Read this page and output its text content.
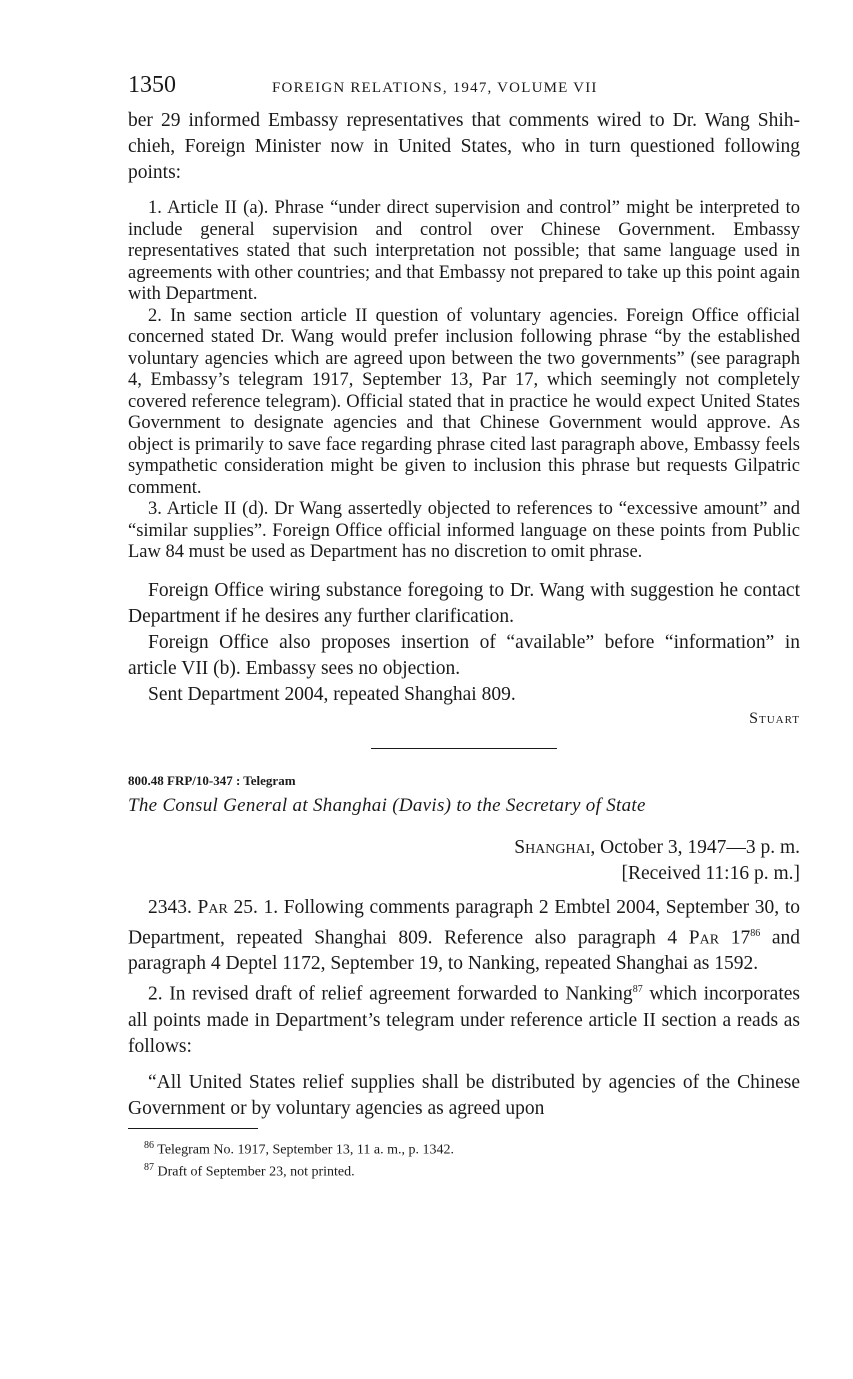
1350	FOREIGN RELATIONS, 1947, VOLUME VII

ber 29 informed Embassy representatives that comments wired to Dr. Wang Shih-chieh, Foreign Minister now in United States, who in turn questioned following points:

1. Article II (a). Phrase “under direct supervision and control” might be interpreted to include general supervision and control over Chinese Government. Embassy representatives stated that such interpretation not possible; that same language used in agreements with other countries; and that Embassy not prepared to take up this point again with Department.

2. In same section article II question of voluntary agencies. Foreign Office official concerned stated Dr. Wang would prefer inclusion following phrase “by the established voluntary agencies which are agreed upon between the two governments” (see paragraph 4, Embassy’s telegram 1917, September 13, Par 17, which seemingly not completely covered reference telegram). Official stated that in practice he would expect United States Government to designate agencies and that Chinese Government would approve. As object is primarily to save face regarding phrase cited last paragraph above, Embassy feels sympathetic consideration might be given to inclusion this phrase but requests Gilpatric comment.

3. Article II (d). Dr Wang assertedly objected to references to “excessive amount” and “similar supplies”. Foreign Office official informed language on these points from Public Law 84 must be used as Department has no discretion to omit phrase.

Foreign Office wiring substance foregoing to Dr. Wang with suggestion he contact Department if he desires any further clarification.

Foreign Office also proposes insertion of “available” before “information” in article VII (b). Embassy sees no objection.

Sent Department 2004, repeated Shanghai 809.

Stuart
800.48 FRP/10-347 : Telegram
The Consul General at Shanghai (Davis) to the Secretary of State
Shanghai, October 3, 1947—3 p. m.
[Received 11:16 p. m.]

2343. Par 25. 1. Following comments paragraph 2 Embtel 2004, September 30, to Department, repeated Shanghai 809. Reference also paragraph 4 Par $17^{86}$ and paragraph 4 Deptel 1172, September 19, to Nanking, repeated Shanghai as 1592.

2. In revised draft of relief agreement forwarded to Nanking$^{87}$ which incorporates all points made in Department’s telegram under reference article II section a reads as follows:

“All United States relief supplies shall be distributed by agencies of the Chinese Government or by voluntary agencies as agreed upon

$^{86}$ Telegram No. 1917, September 13, 11 a. m., p. 1342.
$^{87}$ Draft of September 23, not printed.
